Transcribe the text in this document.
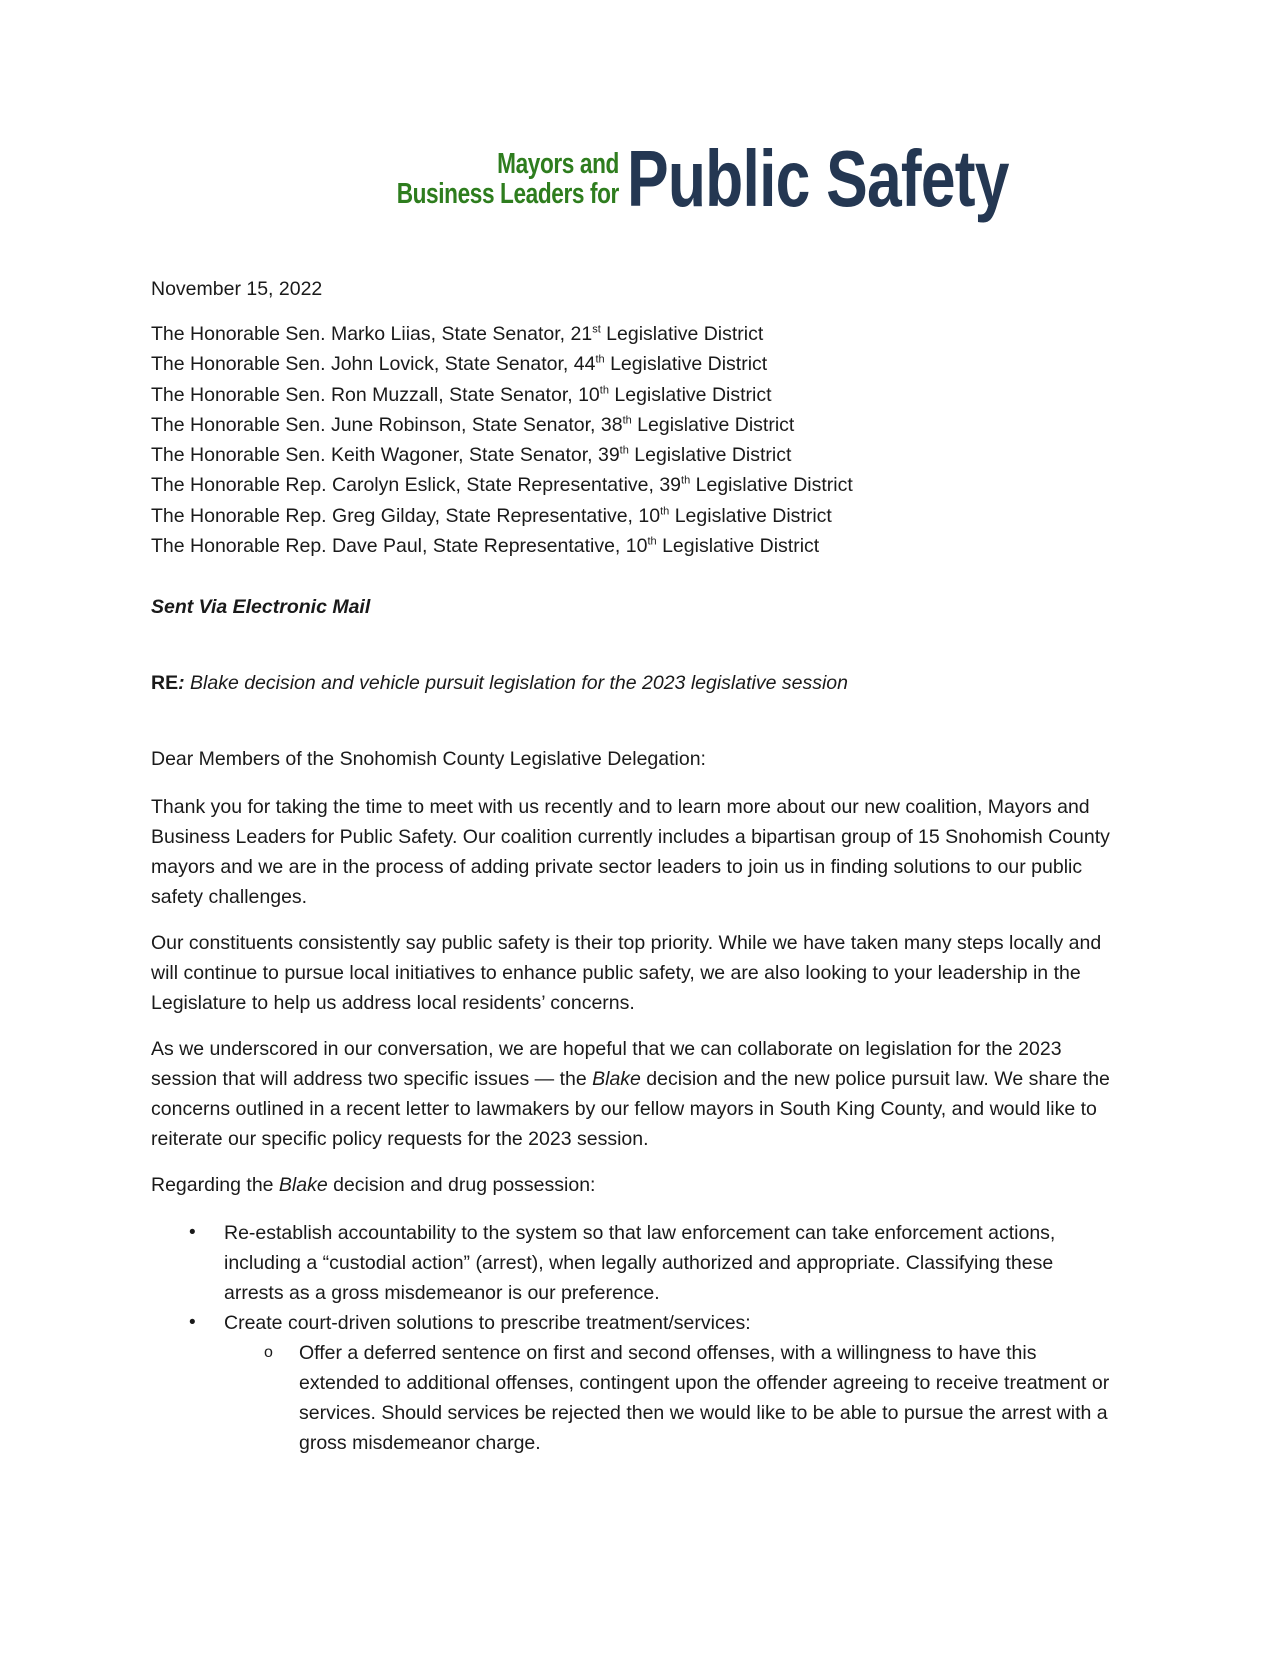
Mayors and
Business Leaders for Public Safety
November 15, 2022
The Honorable Sen. Marko Liias, State Senator, 21st Legislative District
The Honorable Sen. John Lovick, State Senator, 44th Legislative District
The Honorable Sen. Ron Muzzall, State Senator, 10th Legislative District
The Honorable Sen. June Robinson, State Senator, 38th Legislative District
The Honorable Sen. Keith Wagoner, State Senator, 39th Legislative District
The Honorable Rep. Carolyn Eslick, State Representative, 39th Legislative District
The Honorable Rep. Greg Gilday, State Representative, 10th Legislative District
The Honorable Rep. Dave Paul, State Representative, 10th Legislative District
Sent Via Electronic Mail
RE: Blake decision and vehicle pursuit legislation for the 2023 legislative session
Dear Members of the Snohomish County Legislative Delegation:

Thank you for taking the time to meet with us recently and to learn more about our new coalition, Mayors and Business Leaders for Public Safety. Our coalition currently includes a bipartisan group of 15 Snohomish County mayors and we are in the process of adding private sector leaders to join us in finding solutions to our public safety challenges.

Our constituents consistently say public safety is their top priority. While we have taken many steps locally and will continue to pursue local initiatives to enhance public safety, we are also looking to your leadership in the Legislature to help us address local residents’ concerns.

As we underscored in our conversation, we are hopeful that we can collaborate on legislation for the 2023 session that will address two specific issues — the Blake decision and the new police pursuit law. We share the concerns outlined in a recent letter to lawmakers by our fellow mayors in South King County, and would like to reiterate our specific policy requests for the 2023 session.

Regarding the Blake decision and drug possession:

• Re-establish accountability to the system so that law enforcement can take enforcement actions, including a “custodial action” (arrest), when legally authorized and appropriate. Classifying these arrests as a gross misdemeanor is our preference.
• Create court-driven solutions to prescribe treatment/services:
o Offer a deferred sentence on first and second offenses, with a willingness to have this extended to additional offenses, contingent upon the offender agreeing to receive treatment or services. Should services be rejected then we would like to be able to pursue the arrest with a gross misdemeanor charge.
